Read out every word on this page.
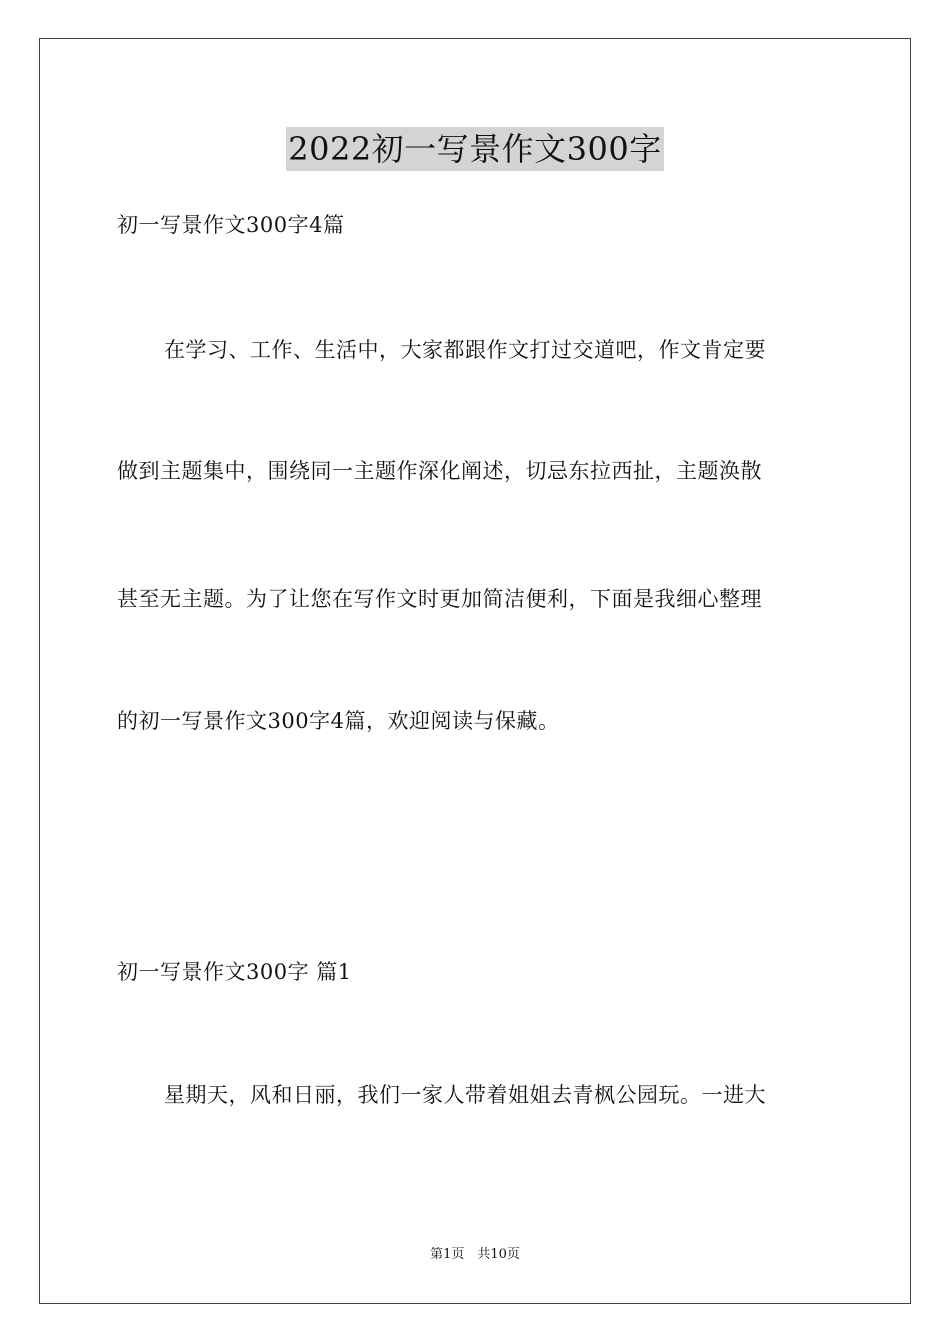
2022初一写景作文300字
初一写景作文300字4篇
在学习、工作、生活中，大家都跟作文打过交道吧，作文肯定要
做到主题集中，围绕同一主题作深化阐述，切忌东拉西扯，主题涣散
甚至无主题。为了让您在写作文时更加简洁便利，下面是我细心整理
的初一写景作文300字4篇，欢迎阅读与保藏。
初一写景作文300字 篇1
星期天，风和日丽，我们一家人带着姐姐去青枫公园玩。一进大
第1页　共10页
